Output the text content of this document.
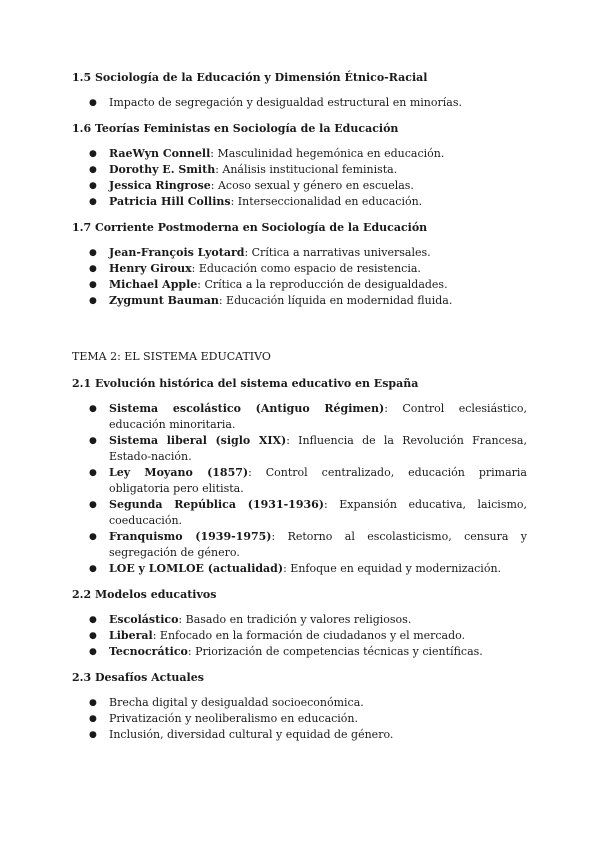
1.5 Sociología de la Educación y Dimensión Étnico-Racial
● Impacto de segregación y desigualdad estructural en minorías.
1.6 Teorías Feministas en Sociología de la Educación
● RaeWyn Connell: Masculinidad hegemónica en educación.
● Dorothy E. Smith: Análisis institucional feminista.
● Jessica Ringrose: Acoso sexual y género en escuelas.
● Patricia Hill Collins: Interseccionalidad en educación.
1.7 Corriente Postmoderna en Sociología de la Educación
● Jean-François Lyotard: Crítica a narrativas universales.
● Henry Giroux: Educación como espacio de resistencia.
● Michael Apple: Crítica a la reproducción de desigualdades.
● Zygmunt Bauman: Educación líquida en modernidad fluida.
TEMA 2: EL SISTEMA EDUCATIVO
2.1 Evolución histórica del sistema educativo en España
● Sistema escolástico (Antiguo Régimen): Control eclesiástico, educación minoritaria.
● Sistema liberal (siglo XIX): Influencia de la Revolución Francesa, Estado-nación.
● Ley Moyano (1857): Control centralizado, educación primaria obligatoria pero elitista.
● Segunda República (1931-1936): Expansión educativa, laicismo, coeducación.
● Franquismo (1939-1975): Retorno al escolasticismo, censura y segregación de género.
● LOE y LOMLOE (actualidad): Enfoque en equidad y modernización.
2.2 Modelos educativos
● Escolástico: Basado en tradición y valores religiosos.
● Liberal: Enfocado en la formación de ciudadanos y el mercado.
● Tecnocrático: Priorización de competencias técnicas y científicas.
2.3 Desafíos Actuales
● Brecha digital y desigualdad socioeconómica.
● Privatización y neoliberalismo en educación.
● Inclusión, diversidad cultural y equidad de género.
